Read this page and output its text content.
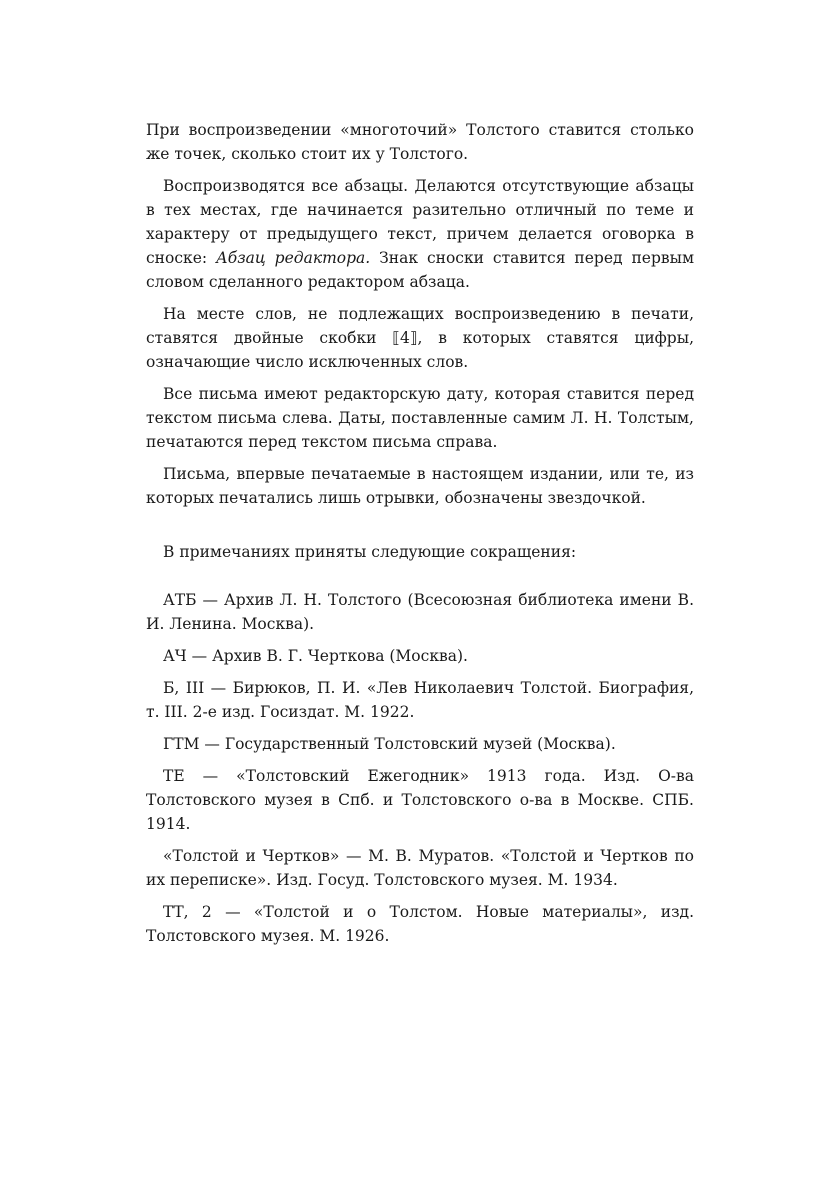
При воспроизведении «многоточий» Толстого ставится столько же точек, сколько стоит их у Толстого.

Воспроизводятся все абзацы. Делаются отсутствующие абзацы в тех местах, где начинается разительно отличный по теме и характеру от предыдущего текст, причем делается оговорка в сноске: Абзац редактора. Знак сноски ставится перед первым словом сделанного редактором абзаца.

На месте слов, не подлежащих воспроизведению в печати, ставятся двойные скобки ⟦4⟧, в которых ставятся цифры, означающие число исключенных слов.

Все письма имеют редакторскую дату, которая ставится перед текстом письма слева. Даты, поставленные самим Л. Н. Толстым, печатаются перед текстом письма справа.

Письма, впервые печатаемые в настоящем издании, или те, из которых печатались лишь отрывки, обозначены звездочкой.

В примечаниях приняты следующие сокращения:

АТБ — Архив Л. Н. Толстого (Всесоюзная библиотека имени В. И. Ленина. Москва).

АЧ — Архив В. Г. Черткова (Москва).

Б, III — Бирюков, П. И. «Лев Николаевич Толстой. Биография, т. III. 2-е изд. Госиздат. М. 1922.

ГТМ — Государственный Толстовский музей (Москва).

ТЕ — «Толстовский Ежегодник» 1913 года. Изд. О-ва Толстовского музея в Спб. и Толстовского о-ва в Москве. СПБ. 1914.

«Толстой и Чертков» — М. В. Муратов. «Толстой и Чертков по их переписке». Изд. Госуд. Толстовского музея. М. 1934.

ТТ, 2 — «Толстой и о Толстом. Новые материалы», изд. Толстовского музея. М. 1926.
